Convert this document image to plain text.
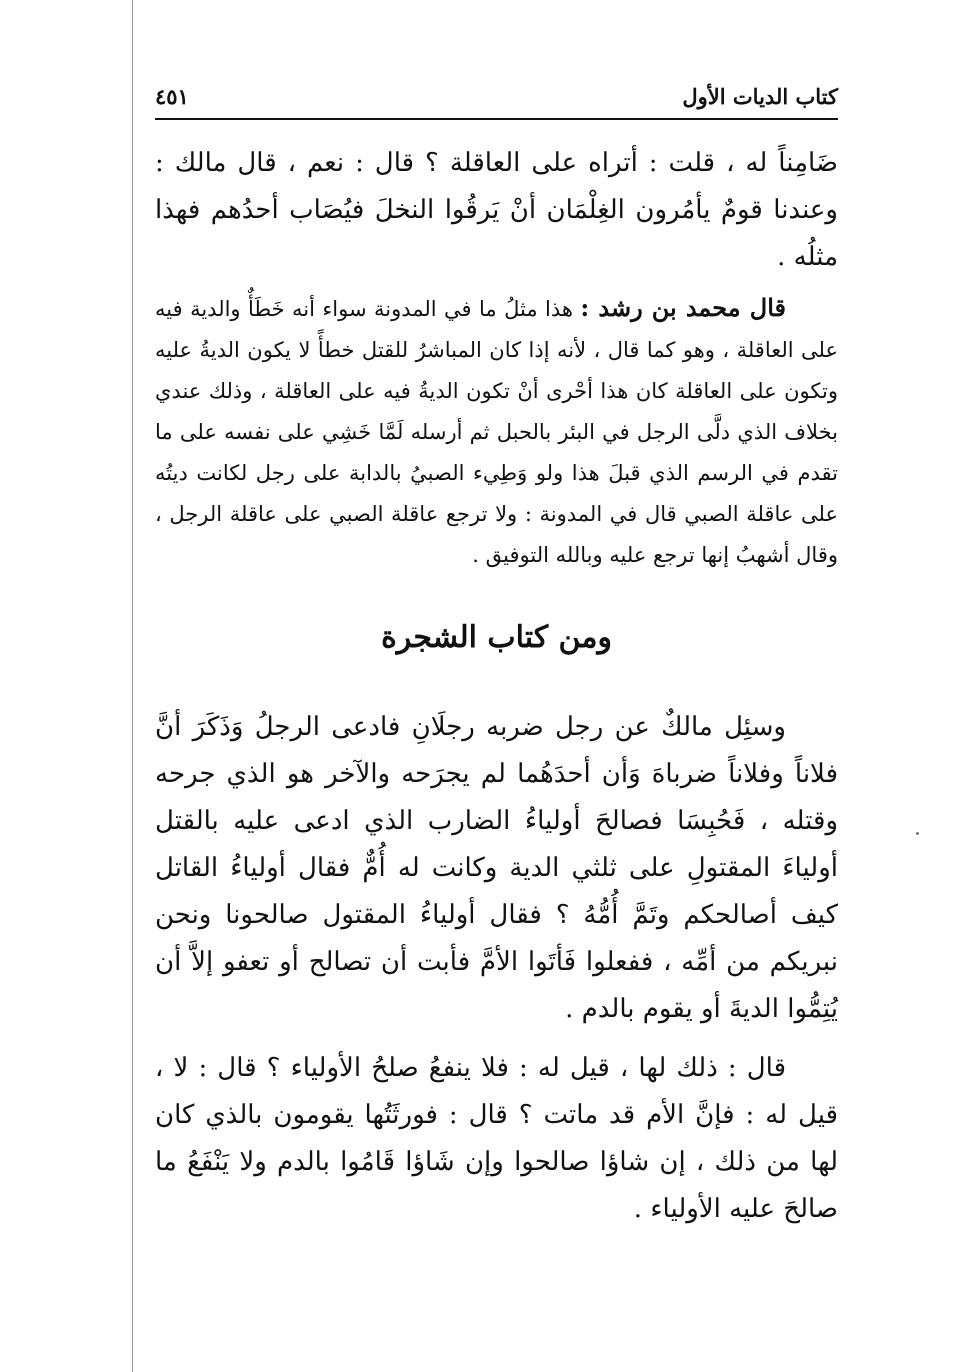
كتاب الديات الأول
٤٥١

ضَامِناً له ، قلت : أتراه على العاقلة ؟ قال : نعم ، قال مالك : وعندنا قومٌ يأمُرون الغِلْمَان أنْ يَرقُوا النخلَ فيُصَاب أحدُهم فهذا مثلُه .

قال محمد بن رشد : هذا مثلُ ما في المدونة سواء أنه خَطَأٌ والدية فيه على العاقلة ، وهو كما قال ، لأنه إذا كان المباشرُ للقتل خطأً لا يكون الديةُ عليه وتكون على العاقلة كان هذا أحْرى أنْ تكون الديةُ فيه على العاقلة ، وذلك عندي بخلاف الذي دلَّى الرجل في البئر بالحبل ثم أرسله لَمَّا خَشِي على نفسه على ما تقدم في الرسم الذي قبلَ هذا ولو وَطِيء الصبيُ بالدابة على رجل لكانت ديتُه على عاقلة الصبي قال في المدونة : ولا ترجع عاقلة الصبي على عاقلة الرجل ، وقال أشهبُ إنها ترجع عليه وبالله التوفيق .

ومن كتاب الشجرة

وسئِل مالكٌ عن رجل ضربه رجلَانِ فادعى الرجلُ وَذَكَرَ أنَّ فلاناً وفلاناً ضرباهَ وَأن أحدَهُما لم يجرَحه والآخر هو الذي جرحه وقتله ، فَحُبِسَا فصالحَ أولياءُ الضارب الذي ادعى عليه بالقتل أولياءَ المقتولِ على ثلثي الدية وكانت له أُمٌّ فقال أولياءُ القاتل كيف أصالحكم وتَمَّ أُمُّهُ ؟ فقال أولياءُ المقتول صالحونا ونحن نبريكم من أمِّه ، ففعلوا فَأتَوا الأمَّ فأبت أن تصالح أو تعفو إلاَّ أن يُتِمُّوا الديةَ أو يقوم بالدم .

قال : ذلك لها ، قيل له : فلا ينفعُ صلحُ الأولياء ؟ قال : لا ، قيل له : فإنَّ الأم قد ماتت ؟ قال : فورثَتُها يقومون بالذي كان لها من ذلك ، إن شاؤا صالحوا وإن شَاؤا قَامُوا بالدم ولا يَنْفَعُ ما صالحَ عليه الأولياء .
